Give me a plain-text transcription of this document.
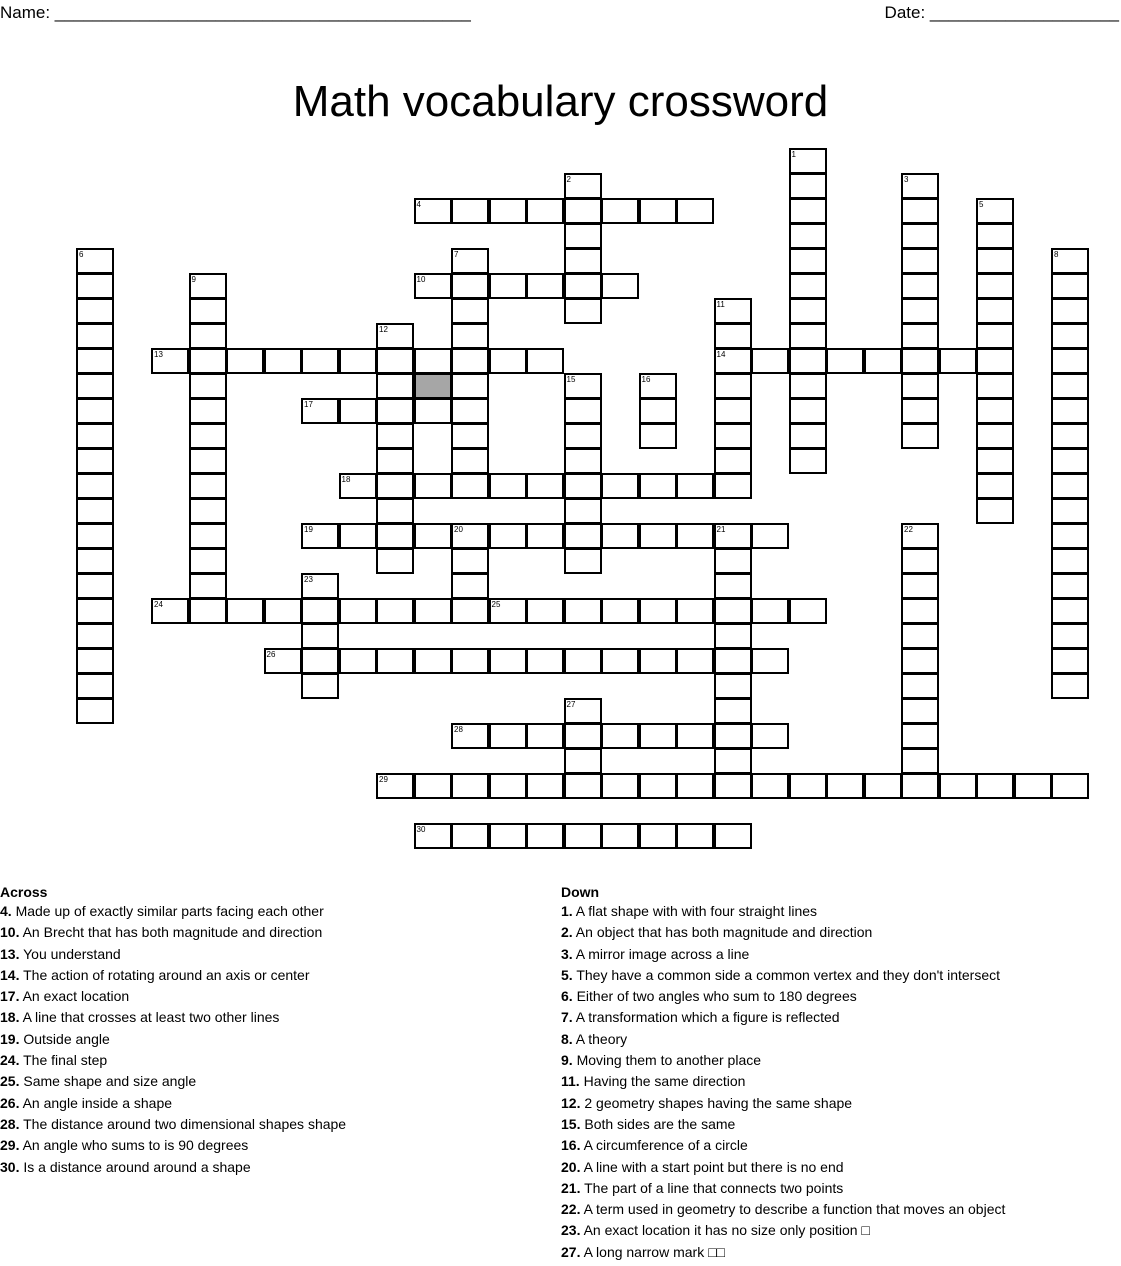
Name: ____________________________________________	Date: ____________________
Math vocabulary crossword
1
2	3
4	5
6	7	8
9	10
11
14
12
13
15	16
17
18
19	20	21	22
23
24	25
26
27
28
29
30
Across
4. Made up of exactly similar parts facing each other
10. An Brecht that has both magnitude and direction
13. You understand
14. The action of rotating around an axis or center
17. An exact location
18. A line that crosses at least two other lines
19. Outside angle
24. The final step
25. Same shape and size angle
26. An angle inside a shape
28. The distance around two dimensional shapes shape
29. An angle who sums to is 90 degrees
30. Is a distance around around a shape
Down
1. A flat shape with with four straight lines
2. An object that has both magnitude and direction
3. A mirror image across a line
5. They have a common side a common vertex and they don't intersect
6. Either of two angles who sum to 180 degrees
7. A transformation which a figure is reflected
8. A theory
9. Moving them to another place
11. Having the same direction
12. 2 geometry shapes having the same shape
15. Both sides are the same
16. A circumference of a circle
20. A line with a start point but there is no end
21. The part of a line that connects two points
22. A term used in geometry to describe a function that moves an object
23. An exact location it has no size only position □
27. A long narrow mark □□
